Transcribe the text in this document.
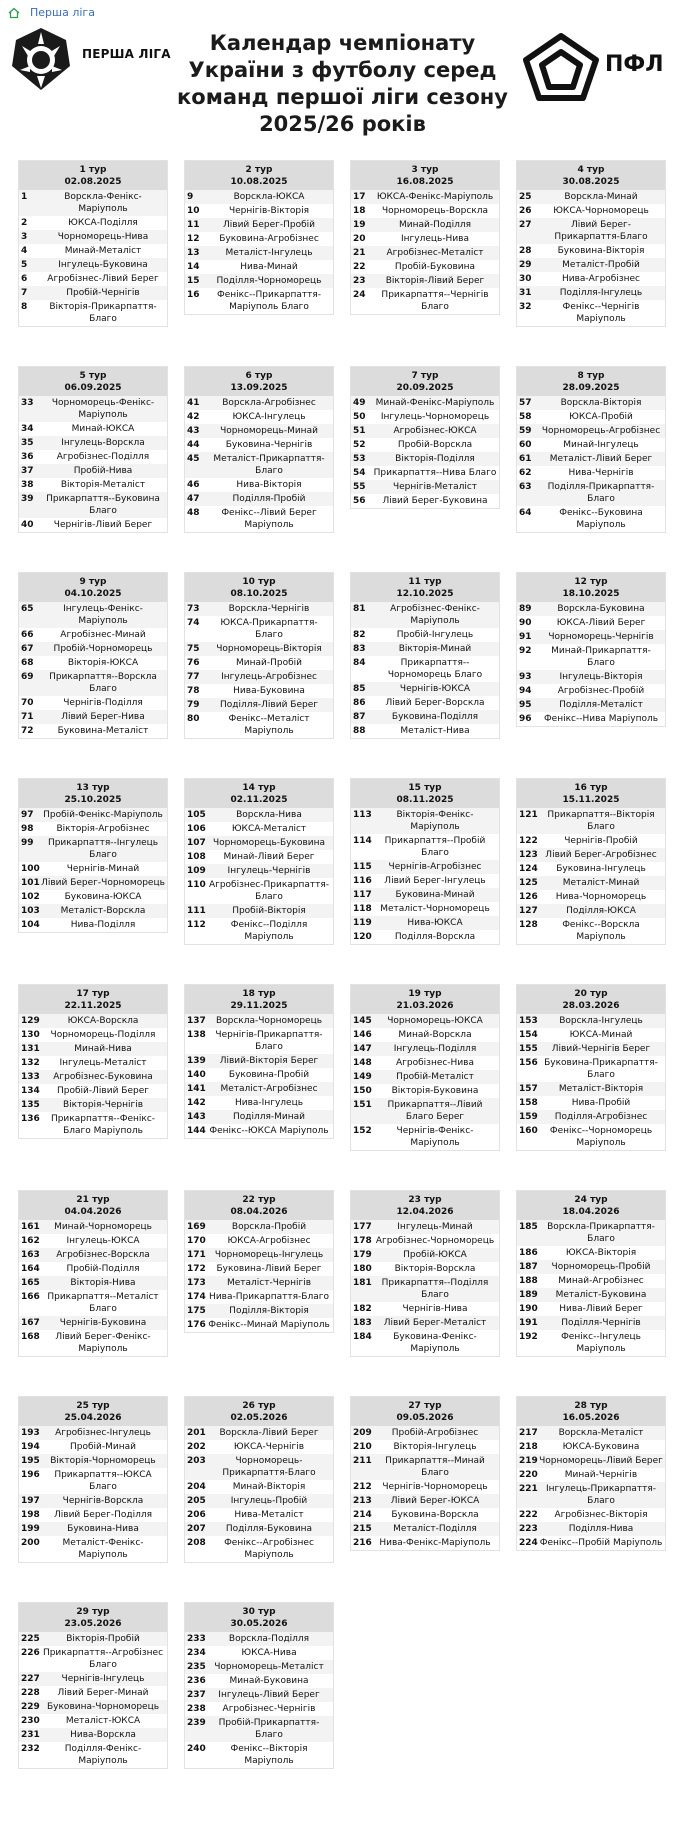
Перша ліга
ПЕРША ЛІГА	Календар чемпіонату
України з футболу серед
команд першої ліги сезону
2025/26 років
ПФЛ
1 тур
02.08.2025
1	Ворскла-Фенікс-Маріуполь
2	ЮКСА-Поділля
3	Чорноморець-Нива
4	Минай-Металіст
5	Інгулець-Буковина
6	Агробізнес-Лівий Берег
7	Пробій-Чернігів
8	Вікторія-Прикарпаття-Благо
2 тур
10.08.2025
9	Ворскла-ЮКСА
10	Чернігів-Вікторія
11	Лівий Берег-Пробій
12	Буковина-Агробізнес
13	Металіст-Інгулець
14	Нива-Минай
15	Поділля-Чорноморець
16	Фенікс--Прикарпаття-Маріуполь Благо
3 тур
16.08.2025
17	ЮКСА-Фенікс-Маріуполь
18	Чорноморець-Ворскла
19	Минай-Поділля
20	Інгулець-Нива
21	Агробізнес-Металіст
22	Пробій-Буковина
23	Вікторія-Лівий Берег
24	Прикарпаття--Чернігів Благо
4 тур
30.08.2025
25	Ворскла-Минай
26	ЮКСА-Чорноморець
27	Лівий Берег-Прикарпаття-Благо
28	Буковина-Вікторія
29	Металіст-Пробій
30	Нива-Агробізнес
31	Поділля-Інгулець
32	Фенікс--Чернігів Маріуполь
5 тур
06.09.2025
33	Чорноморець-Фенікс-Маріуполь
34	Минай-ЮКСА
35	Інгулець-Ворскла
36	Агробізнес-Поділля
37	Пробій-Нива
38	Вікторія-Металіст
39	Прикарпаття--Буковина Благо
40	Чернігів-Лівий Берег
6 тур
13.09.2025
41	Ворскла-Агробізнес
42	ЮКСА-Інгулець
43	Чорноморець-Минай
44	Буковина-Чернігів
45	Металіст-Прикарпаття-Благо
46	Нива-Вікторія
47	Поділля-Пробій
48	Фенікс--Лівий Берег Маріуполь
7 тур
20.09.2025
49	Минай-Фенікс-Маріуполь
50	Інгулець-Чорноморець
51	Агробізнес-ЮКСА
52	Пробій-Ворскла
53	Вікторія-Поділля
54 Прикарпаття--Нива Благо
55	Чернігів-Металіст
56	Лівий Берег-Буковина
8 тур
28.09.2025
57	Ворскла-Вікторія
58	ЮКСА-Пробій
59	Чорноморець-Агробізнес
60	Минай-Інгулець
61	Металіст-Лівий Берег
62	Нива-Чернігів
63	Поділля-Прикарпаття-Благо
64	Фенікс--Буковина Маріуполь
9 тур
04.10.2025
65	Інгулець-Фенікс-Маріуполь
66	Агробізнес-Минай
67	Пробій-Чорноморець
68	Вікторія-ЮКСА
69	Прикарпаття--Ворскла Благо
70	Чернігів-Поділля
71	Лівий Берег-Нива
72	Буковина-Металіст
10 тур
08.10.2025
73	Ворскла-Чернігів
74	ЮКСА-Прикарпаття-Благо
75	Чорноморець-Вікторія
76	Минай-Пробій
77	Інгулець-Агробізнес
78	Нива-Буковина
79	Поділля-Лівий Берег
80	Фенікс--Металіст Маріуполь
11 тур
12.10.2025
81	Агробізнес-Фенікс-Маріуполь
82	Пробій-Інгулець
83	Вікторія-Минай
84	Прикарпаття--Чорноморець Благо
85	Чернігів-ЮКСА
86	Лівий Берег-Ворскла
87	Буковина-Поділля
88	Металіст-Нива
12 тур
18.10.2025
89	Ворскла-Буковина
90	ЮКСА-Лівий Берег
91	Чорноморець-Чернігів
92	Минай-Прикарпаття-Благо
93	Інгулець-Вікторія
94	Агробізнес-Пробій
95	Поділля-Металіст
96	Фенікс--Нива Маріуполь
13 тур
25.10.2025
97	Пробій-Фенікс-Маріуполь
98	Вікторія-Агробізнес
99	Прикарпаття--Інгулець Благо
100	Чернігів-Минай
101 Лівий Берег-Чорноморець
102	Буковина-ЮКСА
103	Металіст-Ворскла
104	Нива-Поділля
14 тур
02.11.2025
105	Ворскла-Нива
106	ЮКСА-Металіст
107 Чорноморець-Буковина
108	Минай-Лівий Берег
109	Інгулець-Чернігів
110 Агробізнес-Прикарпаття-Благо
111	Пробій-Вікторія
112	Фенікс--Поділля Маріуполь
15 тур
08.11.2025
113	Вікторія-Фенікс-Маріуполь
114	Прикарпаття--Пробій Благо
115	Чернігів-Агробізнес
116	Лівий Берег-Інгулець
117	Буковина-Минай
118 Металіст-Чорноморець
119	Нива-ЮКСА
120	Поділля-Ворскла
16 тур
15.11.2025
121	Прикарпаття--Вікторія Благо
122	Чернігів-Пробій
123 Лівий Берег-Агробізнес
124	Буковина-Інгулець
125	Металіст-Минай
126	Нива-Чорноморець
127	Поділля-ЮКСА
128	Фенікс--Ворскла Маріуполь
17 тур
22.11.2025
129	ЮКСА-Ворскла
130	Чорноморець-Поділля
131	Минай-Нива
132	Інгулець-Металіст
133	Агробізнес-Буковина
134	Пробій-Лівий Берег
135	Вікторія-Чернігів
136	Прикарпаття--Фенікс-Благо Маріуполь
18 тур
29.11.2025
137	Ворскла-Чорноморець
138	Чернігів-Прикарпаття-Благо
139	Лівий-Вікторія Берег
140	Буковина-Пробій
141	Металіст-Агробізнес
142	Нива-Інгулець
143	Поділля-Минай
144 Фенікс--ЮКСА Маріуполь
19 тур
21.03.2026
145	Чорноморець-ЮКСА
146	Минай-Ворскла
147	Інгулець-Поділля
148	Агробізнес-Нива
149	Пробій-Металіст
150	Вікторія-Буковина
151	Прикарпаття--Лівий Благо Берег
152	Чернігів-Фенікс-Маріуполь
20 тур
28.03.2026
153	Ворскла-Інгулець
154	ЮКСА-Минай
155	Лівий-Чернігів Берег
156 Буковина-Прикарпаття-Благо
157	Металіст-Вікторія
158	Нива-Пробій
159	Поділля-Агробізнес
160	Фенікс--Чорноморець Маріуполь
21 тур
04.04.2026
161	Минай-Чорноморець
162	Інгулець-ЮКСА
163	Агробізнес-Ворскла
164	Пробій-Поділля
165	Вікторія-Нива
166 Прикарпаття--Металіст Благо
167	Чернігів-Буковина
168	Лівий Берег-Фенікс-Маріуполь
22 тур
08.04.2026
169	Ворскла-Пробій
170	ЮКСА-Агробізнес
171	Чорноморець-Інгулець
172	Буковина-Лівий Берег
173	Металіст-Чернігів
174 Нива-Прикарпаття-Благо
175	Поділля-Вікторія
176 Фенікс--Минай Маріуполь
23 тур
12.04.2026
177	Інгулець-Минай
178 Агробізнес-Чорноморець
179	Пробій-ЮКСА
180	Вікторія-Ворскла
181	Прикарпаття--Поділля Благо
182	Чернігів-Нива
183	Лівий Берег-Металіст
184	Буковина-Фенікс-Маріуполь
24 тур
18.04.2026
185	Ворскла-Прикарпаття-Благо
186	ЮКСА-Вікторія
187	Чорноморець-Пробій
188	Минай-Агробізнес
189	Металіст-Буковина
190	Нива-Лівий Берег
191	Поділля-Чернігів
192	Фенікс--Інгулець Маріуполь
25 тур
25.04.2026
193	Агробізнес-Інгулець
194	Пробій-Минай
195	Вікторія-Чорноморець
196	Прикарпаття--ЮКСА Благо
197	Чернігів-Ворскла
198	Лівий Берег-Поділля
199	Буковина-Нива
200	Металіст-Фенікс-Маріуполь
26 тур
02.05.2026
201	Ворскла-Лівий Берег
202	ЮКСА-Чернігів
203	Чорноморець-Прикарпаття-Благо
204	Минай-Вікторія
205	Інгулець-Пробій
206	Нива-Металіст
207	Поділля-Буковина
208	Фенікс--Агробізнес Маріуполь
27 тур
09.05.2026
209	Пробій-Агробізнес
210	Вікторія-Інгулець
211	Прикарпаття--Минай Благо
212	Чернігів-Чорноморець
213	Лівий Берег-ЮКСА
214	Буковина-Ворскла
215	Металіст-Поділля
216 Нива-Фенікс-Маріуполь
28 тур
16.05.2026
217	Ворскла-Металіст
218	ЮКСА-Буковина
219 Чорноморець-Лівий Берег
220	Минай-Чернігів
221 Інгулець-Прикарпаття-Благо
222	Агробізнес-Вікторія
223	Поділля-Нива
224 Фенікс--Пробій Маріуполь
29 тур
23.05.2026
225	Вікторія-Пробій
226 Прикарпаття--Агробізнес Благо
227	Чернігів-Інгулець
228	Лівий Берег-Минай
229 Буковина-Чорноморець
230	Металіст-ЮКСА
231	Нива-Ворскла
232	Поділля-Фенікс-Маріуполь
30 тур
30.05.2026
233	Ворскла-Поділля
234	ЮКСА-Нива
235 Чорноморець-Металіст
236	Минай-Буковина
237	Інгулець-Лівий Берег
238	Агробізнес-Чернігів
239	Пробій-Прикарпаття-Благо
240	Фенікс--Вікторія Маріуполь
